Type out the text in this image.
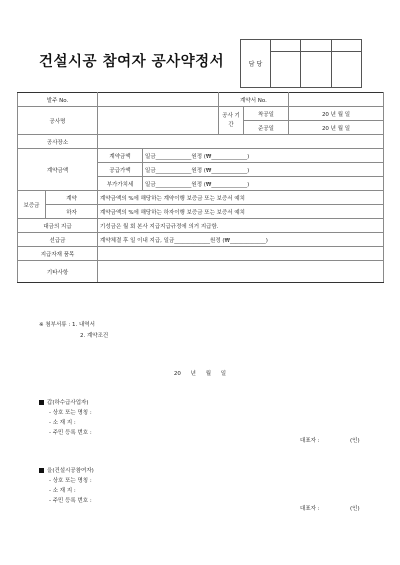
건설시공 참여자 공사약정서	담 당			

발주 No.				계약서 No.		
공사명				공사 기간	착공일	20 년 월 일
					준공일	20 년 월 일
공사장소						
계약금액		계약금액	일금_____________원정 (₩_____________)			
		공급가액	일금_____________원정 (₩_____________)			
		부가가치세	일금_____________원정 (₩_____________)			
보증금	계약	계약금액의 %에 해당하는 계약이행 보증금 또는 보증서 예치				
	하자	계약금액의 %에 해당하는 하자이행 보증금 또는 보증서 예치				
대금의 지급		기성금은 월 회 본사 지급지급규정에 의거 지급함.				
선급금		계약체결 후 일 이내 지급, 일금_____________원정 (₩_____________)				
지급자재 품목						
기타사항						
※ 첨부서류 : 1. 내역서
2. 계약조건
20 년 월 일
갑(하수급사업자)
- 상호 또는 명칭 :
- 소 재 지 :
- 주민 등록 번호 :
대표자 :	(인)
을(건설시공참여자)
- 상호 또는 명칭 :
- 소 재 지 :
- 주민 등록 번호 :
대표자 :	(인)
